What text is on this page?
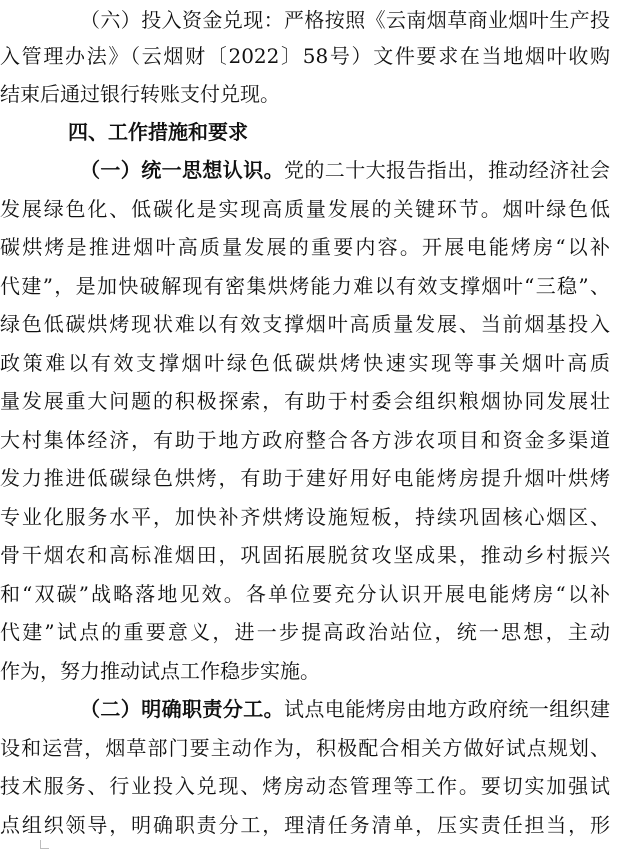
（六）投入资金兑现：严格按照《云南烟草商业烟叶生产投
入管理办法》（云烟财〔2022〕58号）文件要求在当地烟叶收购
结束后通过银行转账支付兑现。
四、工作措施和要求
（一）统一思想认识。党的二十大报告指出，推动经济社会
发展绿色化、低碳化是实现高质量发展的关键环节。烟叶绿色低
碳烘烤是推进烟叶高质量发展的重要内容。开展电能烤房“以补
代建”，是加快破解现有密集烘烤能力难以有效支撑烟叶“三稳”、
绿色低碳烘烤现状难以有效支撑烟叶高质量发展、当前烟基投入
政策难以有效支撑烟叶绿色低碳烘烤快速实现等事关烟叶高质
量发展重大问题的积极探索，有助于村委会组织粮烟协同发展壮
大村集体经济，有助于地方政府整合各方涉农项目和资金多渠道
发力推进低碳绿色烘烤，有助于建好用好电能烤房提升烟叶烘烤
专业化服务水平，加快补齐烘烤设施短板，持续巩固核心烟区、
骨干烟农和高标准烟田，巩固拓展脱贫攻坚成果，推动乡村振兴
和“双碳”战略落地见效。各单位要充分认识开展电能烤房“以补
代建”试点的重要意义，进一步提高政治站位，统一思想，主动
作为，努力推动试点工作稳步实施。
（二）明确职责分工。试点电能烤房由地方政府统一组织建
设和运营，烟草部门要主动作为，积极配合相关方做好试点规划、
技术服务、行业投入兑现、烤房动态管理等工作。要切实加强试
点组织领导，明确职责分工，理清任务清单，压实责任担当，形
